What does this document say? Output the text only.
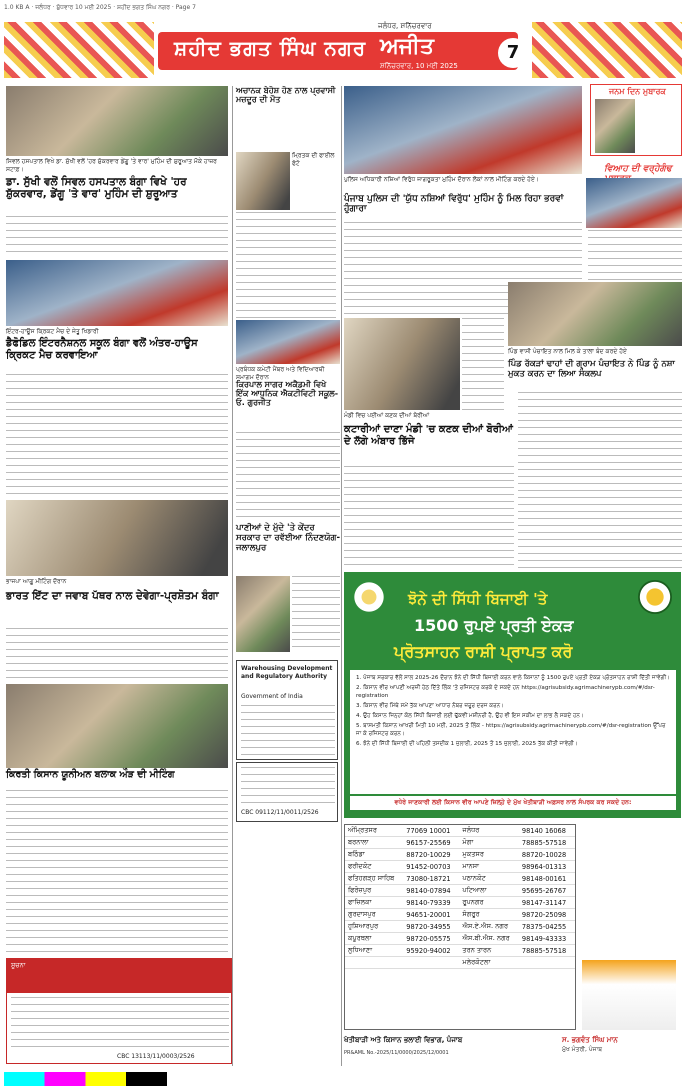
1.0 KB A · ਜਲੰਧਰ · ਬੁੱਧਵਾਰ 10 ਮਈ 2025 · ਸ਼ਹੀਦ ਭਗਤ ਸਿੰਘ ਨਗਰ · Page 7
ਜਲੰਧਰ, ਸ਼ਨਿੱਚਰਵਾਰ
ਸ਼ਹੀਦ ਭਗਤ ਸਿੰਘ ਨਗਰ ਅਜੀਤ
ਸ਼ਨਿੱਚਰਵਾਰ, 10 ਮਈ 2025
7
ਸਿਵਲ ਹਸਪਤਾਲ ਵਿਖੇ ਡਾ. ਸੁੱਖੀ ਵਲੋਂ 'ਹਰ ਸ਼ੁੱਕਰਵਾਰ ਡੇਂਗੂ 'ਤੇ ਵਾਰ' ਮੁਹਿੰਮ ਦੀ ਸ਼ੁਰੂਆਤ ਮੌਕੇ ਹਾਜ਼ਰ ਸਟਾਫ਼।
ਡਾ. ਸੁੱਖੀ ਵਲੋਂ ਸਿਵਲ ਹਸਪਤਾਲ ਬੰਗਾ ਵਿਖੇ 'ਹਰ ਸ਼ੁੱਕਰਵਾਰ, ਡੇਂਗੂ 'ਤੇ ਵਾਰ' ਮੁਹਿੰਮ ਦੀ ਸ਼ੁਰੂਆਤ
ਇੰਟਰ-ਹਾਊਸ ਕ੍ਰਿਕਟ ਮੈਚ ਦੇ ਜੇਤੂ ਖਿਡਾਰੀ
ਡੈਫੋਡਿਲ ਇੰਟਰਨੈਸ਼ਨਲ ਸਕੂਲ ਬੰਗਾ ਵਲੋਂ ਅੰਤਰ-ਹਾਊਸ ਕ੍ਰਿਕਟ ਮੈਚ ਕਰਵਾਇਆ
ਭਾਜਪਾ ਆਗੂ ਮੀਟਿੰਗ ਦੌਰਾਨ
ਭਾਰਤ ਇੱਟ ਦਾ ਜਵਾਬ ਪੱਥਰ ਨਾਲ ਦੇਵੇਗਾ-ਪ੍ਰਸ਼ੋਤਮ ਬੰਗਾ
ਕਿਰਤੀ ਕਿਸਾਨ ਯੂਨੀਅਨ ਬਲਾਕ ਔੜ ਦੀ ਮੀਟਿੰਗ
ਸੂਚਨਾ
CBC 13113/11/0003/2526
ਅਚਾਨਕ ਬੇਹੋਸ਼ ਹੋਣ ਨਾਲ ਪ੍ਰਵਾਸੀ ਮਜ਼ਦੂਰ ਦੀ ਮੌਤ
ਮ੍ਰਿਤਕ ਦੀ ਫਾਈਲ ਫੋਟੋ
ਪ੍ਰਬੰਧਕ ਕਮੇਟੀ ਮੈਂਬਰ ਅਤੇ ਵਿਦਿਆਰਥੀ ਸਮਾਗਮ ਦੌਰਾਨ
ਕਿਰਪਾਲ ਸਾਗਰ ਅਕੈਡਮੀ ਵਿਖੇ ਇੱਕ ਆਧੁਨਿਕ ਐਕਟੀਵਿਟੀ ਸਕੂਲ-ਓ. ਗੁਰਜੀਤ
ਪਾਣੀਆਂ ਦੇ ਮੁੱਦੇ 'ਤੇ ਕੇਂਦਰ ਸਰਕਾਰ ਦਾ ਰਵੱਈਆ ਨਿੰਦਣਯੋਗ-ਜਲਾਲਪੁਰ
Warehousing Development and Regulatory Authority
Government of India
CBC 09112/11/0011/2526
ਪੁਲਿਸ ਅਧਿਕਾਰੀ ਨਸ਼ਿਆਂ ਵਿਰੁੱਧ ਜਾਗਰੂਕਤਾ ਮੁਹਿੰਮ ਦੌਰਾਨ ਲੋਕਾਂ ਨਾਲ ਮੀਟਿੰਗ ਕਰਦੇ ਹੋਏ।
ਪੰਜਾਬ ਪੁਲਿਸ ਦੀ 'ਯੁੱਧ ਨਸ਼ਿਆਂ ਵਿਰੁੱਧ' ਮੁਹਿੰਮ ਨੂੰ ਮਿਲ ਰਿਹਾ ਭਰਵਾਂ ਹੁੰਗਾਰਾ
ਮੰਡੀ ਵਿਚ ਪਈਆਂ ਕਣਕ ਦੀਆਂ ਬੋਰੀਆਂ
ਕਟਾਰੀਆਂ ਦਾਣਾ ਮੰਡੀ 'ਚ ਕਣਕ ਦੀਆਂ ਬੋਰੀਆਂ ਦੇ ਲੱਗੇ ਅੰਬਾਰ ਭਿੱਜੇ
ਜਨਮ ਦਿਨ ਮੁਬਾਰਕ
ਵਿਆਹ ਦੀ ਵਰ੍ਹੇਗੰਢ
ਪਿੰਡ ਵਾਸੀ ਪੰਚਾਇਤ ਨਾਲ ਮਿਲ ਕੇ ਤਾਲਾ ਬੰਦ ਕਰਦੇ ਹੋਏ
ਪਿੰਡ ਰੱਕੜਾਂ ਢਾਹਾਂ ਦੀ ਗ੍ਰਾਮ ਪੰਚਾਇਤ ਨੇ ਪਿੰਡ ਨੂੰ ਨਸ਼ਾ ਮੁਕਤ ਕਰਨ ਦਾ ਲਿਆ ਸੰਕਲਪ
ਝੋਨੇ ਦੀ ਸਿੱਧੀ ਬਿਜਾਈ 'ਤੇ
1500 ਰੁਪਏ ਪ੍ਰਤੀ ਏਕੜ
ਪ੍ਰੋਤਸਾਹਨ ਰਾਸ਼ੀ ਪ੍ਰਾਪਤ ਕਰੋ
1. ਪੰਜਾਬ ਸਰਕਾਰ ਵੱਲੋਂ ਸਾਲ 2025-26 ਦੌਰਾਨ ਝੋਨੇ ਦੀ ਸਿੱਧੀ ਬਿਜਾਈ ਕਰਨ ਵਾਲੇ ਕਿਸਾਨਾਂ ਨੂੰ 1500 ਰੁਪਏ ਪ੍ਰਤੀ ਏਕੜ ਪ੍ਰੋਤਸਾਹਨ ਰਾਸ਼ੀ ਦਿੱਤੀ ਜਾਵੇਗੀ।
2. ਕਿਸਾਨ ਵੀਰ ਆਪਣੀ ਅਰਜ਼ੀ ਹੇਠ ਦਿੱਤੇ ਲਿੰਕ 'ਤੇ ਰਜਿਸਟਰ ਕਰਕੇ ਦੇ ਸਕਦੇ ਹਨ https://agrisubsidy.agrimachinerypb.com/#/dsr-registration
3. ਕਿਸਾਨ ਵੀਰ ਮਿੱਥੇ ਸਮੇਂ ਤੱਕ ਆਪਣਾ ਆਧਾਰ ਨੰਬਰ ਜ਼ਰੂਰ ਦਰਜ ਕਰਨ।
4. ਉਹ ਕਿਸਾਨ ਜਿਨ੍ਹਾਂ ਕੋਲ ਸਿੱਧੀ ਬਿਜਾਈ ਲਈ ਢੁੱਕਵੀਂ ਮਸ਼ੀਨਰੀ ਹੈ, ਉਹ ਵੀ ਇਸ ਸਕੀਮ ਦਾ ਲਾਭ ਲੈ ਸਕਦੇ ਹਨ।
5. ਬਾਸਮਤੀ ਕਿਸਾਨ ਆਖਰੀ ਮਿਤੀ 10 ਮਈ, 2025 ਤੋਂ ਲਿੰਕ - https://agrisubsidy.agrimachinerypb.com/#/dsr-registration ਉੱਪਰ ਜਾ ਕੇ ਰਜਿਸਟਰ ਕਰਨ।
6. ਝੋਨੇ ਦੀ ਸਿੱਧੀ ਬਿਜਾਈ ਦੀ ਪਹਿਲੀ ਤਸਦੀਕ 1 ਜੁਲਾਈ, 2025 ਤੋਂ 15 ਜੁਲਾਈ, 2025 ਤੱਕ ਕੀਤੀ ਜਾਵੇਗੀ।
ਵਧੇਰੇ ਜਾਣਕਾਰੀ ਲਈ ਕਿਸਾਨ ਵੀਰ ਆਪਣੇ ਜ਼ਿਲ੍ਹੇ ਦੇ ਮੁੱਖ ਖੇਤੀਬਾੜੀ ਅਫ਼ਸਰ ਨਾਲ ਸੰਪਰਕ ਕਰ ਸਕਦੇ ਹਨ:
ਅੰਮ੍ਰਿਤਸਰ	77069 10001	ਜਲੰਧਰ	98140 16068
ਬਰਨਾਲਾ	96157-25569	ਮੋਗਾ	78885-57518
ਬਠਿੰਡਾ	88720-10029	ਮੁਕਤਸਰ	88720-10028
ਫਰੀਦਕੋਟ	91452-00703	ਮਾਨਸਾ	98964-01313
ਫਤਿਹਗੜ੍ਹ ਸਾਹਿਬ	73080-18721	ਪਠਾਨਕੋਟ	98148-00161
ਫਿਰੋਜ਼ਪੁਰ	98140-07894	ਪਟਿਆਲਾ	95695-26767
ਫਾਜ਼ਿਲਕਾ	98140-79339	ਰੂਪਨਗਰ	98147-31147
ਗੁਰਦਾਸਪੁਰ	94651-20001	ਸੰਗਰੂਰ	98720-25098
ਹੁਸ਼ਿਆਰਪੁਰ	98720-34955	ਐਸ.ਏ.ਐਸ. ਨਗਰ	78375-04255
ਕਪੂਰਥਲਾ	98720-05575	ਐਸ.ਬੀ.ਐਸ. ਨਗਰ	98149-43333
ਲੁਧਿਆਣਾ	95920-94002	ਤਰਨ ਤਾਰਨ	78885-57518
		ਮਲੇਰਕੋਟਲਾ	
ਸ. ਭਗਵੰਤ ਸਿੰਘ ਮਾਨ
ਮੁੱਖ ਮੰਤਰੀ, ਪੰਜਾਬ
ਖੇਤੀਬਾੜੀ ਅਤੇ ਕਿਸਾਨ ਭਲਾਈ ਵਿਭਾਗ, ਪੰਜਾਬ
PR&AML No.-2025/11/0000/2025/12/0001
